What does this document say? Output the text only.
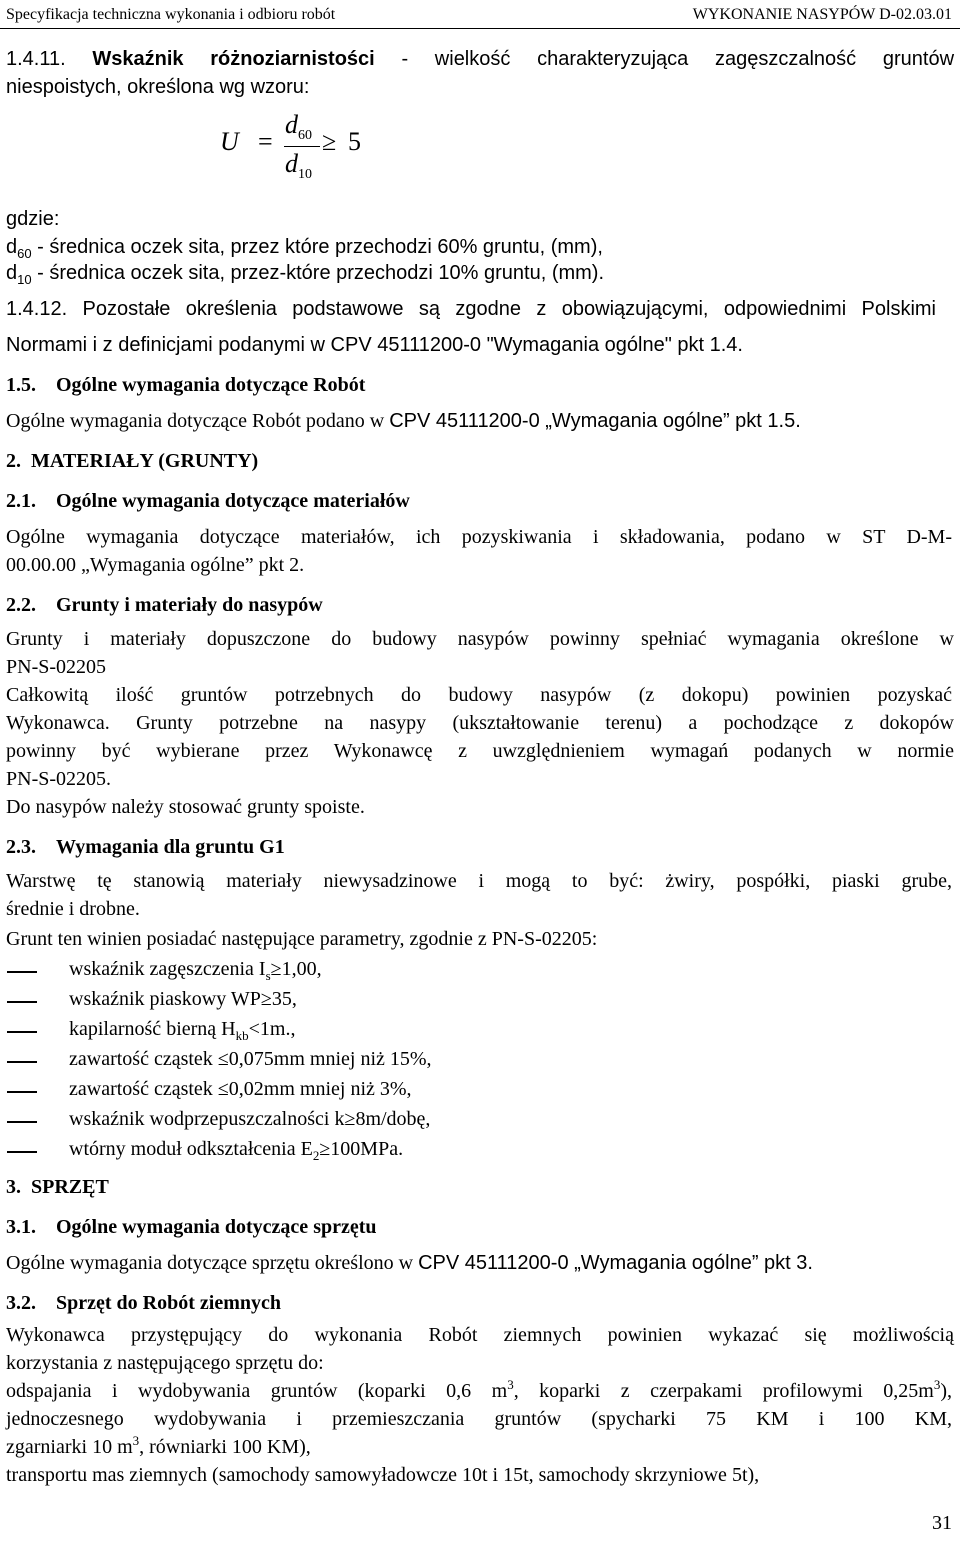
Specyfikacja techniczna wykonania i odbioru robót	WYKONANIE NASYPÓW D-02.03.01
1.4.11. Wskaźnik różnoziarnistości - wielkość charakteryzująca zagęszczalność gruntów
niespoistych, określona wg wzoru:
U =
$d_{60}$
$d_{10}$
≥ 5
gdzie:
$d_{60}$ - średnica oczek sita, przez które przechodzi 60% gruntu, (mm),
$d_{10}$ - średnica oczek sita, przez-które przechodzi 10% gruntu, (mm).
1.4.12. Pozostałe określenia podstawowe są zgodne z obowiązującymi, odpowiednimi Polskimi
Normami i z definicjami podanymi w CPV 45111200-0 "Wymagania ogólne" pkt 1.4.
1.5. Ogólne wymagania dotyczące Robót
Ogólne wymagania dotyczące Robót podano w CPV 45111200-0 „Wymagania ogólne” pkt 1.5.
2. MATERIAŁY (GRUNTY)
2.1. Ogólne wymagania dotyczące materiałów
Ogólne wymagania dotyczące materiałów, ich pozyskiwania i składowania, podano w ST D-M-
00.00.00 „Wymagania ogólne” pkt 2.
2.2. Grunty i materiały do nasypów
Grunty i materiały dopuszczone do budowy nasypów powinny spełniać wymagania określone w
PN-S-02205
Całkowitą ilość gruntów potrzebnych do budowy nasypów (z dokopu) powinien pozyskać
Wykonawca. Grunty potrzebne na nasypy (ukształtowanie terenu) a pochodzące z dokopów
powinny być wybierane przez Wykonawcę z uwzględnieniem wymagań podanych w normie
PN-S-02205.
Do nasypów należy stosować grunty spoiste.
2.3. Wymagania dla gruntu G1
Warstwę tę stanowią materiały niewysadzinowe i mogą to być: żwiry, pospółki, piaski grube,
średnie i drobne.
Grunt ten winien posiadać następujące parametry, zgodnie z PN-S-02205:
wskaźnik zagęszczenia $I_s\ge 1,00$,
wskaźnik piaskowy WP≥35,
kapilarność bierną $H_{kb}<1m$.,
zawartość cząstek ≤0,075mm mniej niż 15%,
zawartość cząstek ≤0,02mm mniej niż 3%,
wskaźnik wodprzepuszczalności k≥8m/dobę,
wtórny moduł odkształcenia $E_2\ge 100MPa$.
3. SPRZĘT
3.1. Ogólne wymagania dotyczące sprzętu
Ogólne wymagania dotyczące sprzętu określono w CPV 45111200-0 „Wymagania ogólne” pkt 3.
3.2. Sprzęt do Robót ziemnych
Wykonawca przystępujący do wykonania Robót ziemnych powinien wykazać się możliwością
korzystania z następującego sprzętu do:
odspajania i wydobywania gruntów (koparki 0,6 $m^3$, koparki z czerpakami profilowymi $0,25m^3$),
jednoczesnego wydobywania i przemieszczania gruntów (spycharki 75 KM i 100 KM,
zgarniarki 10 $m^3$, równiarki 100 KM),
transportu mas ziemnych (samochody samowyładowcze 10t i 15t, samochody skrzyniowe 5t),
31
